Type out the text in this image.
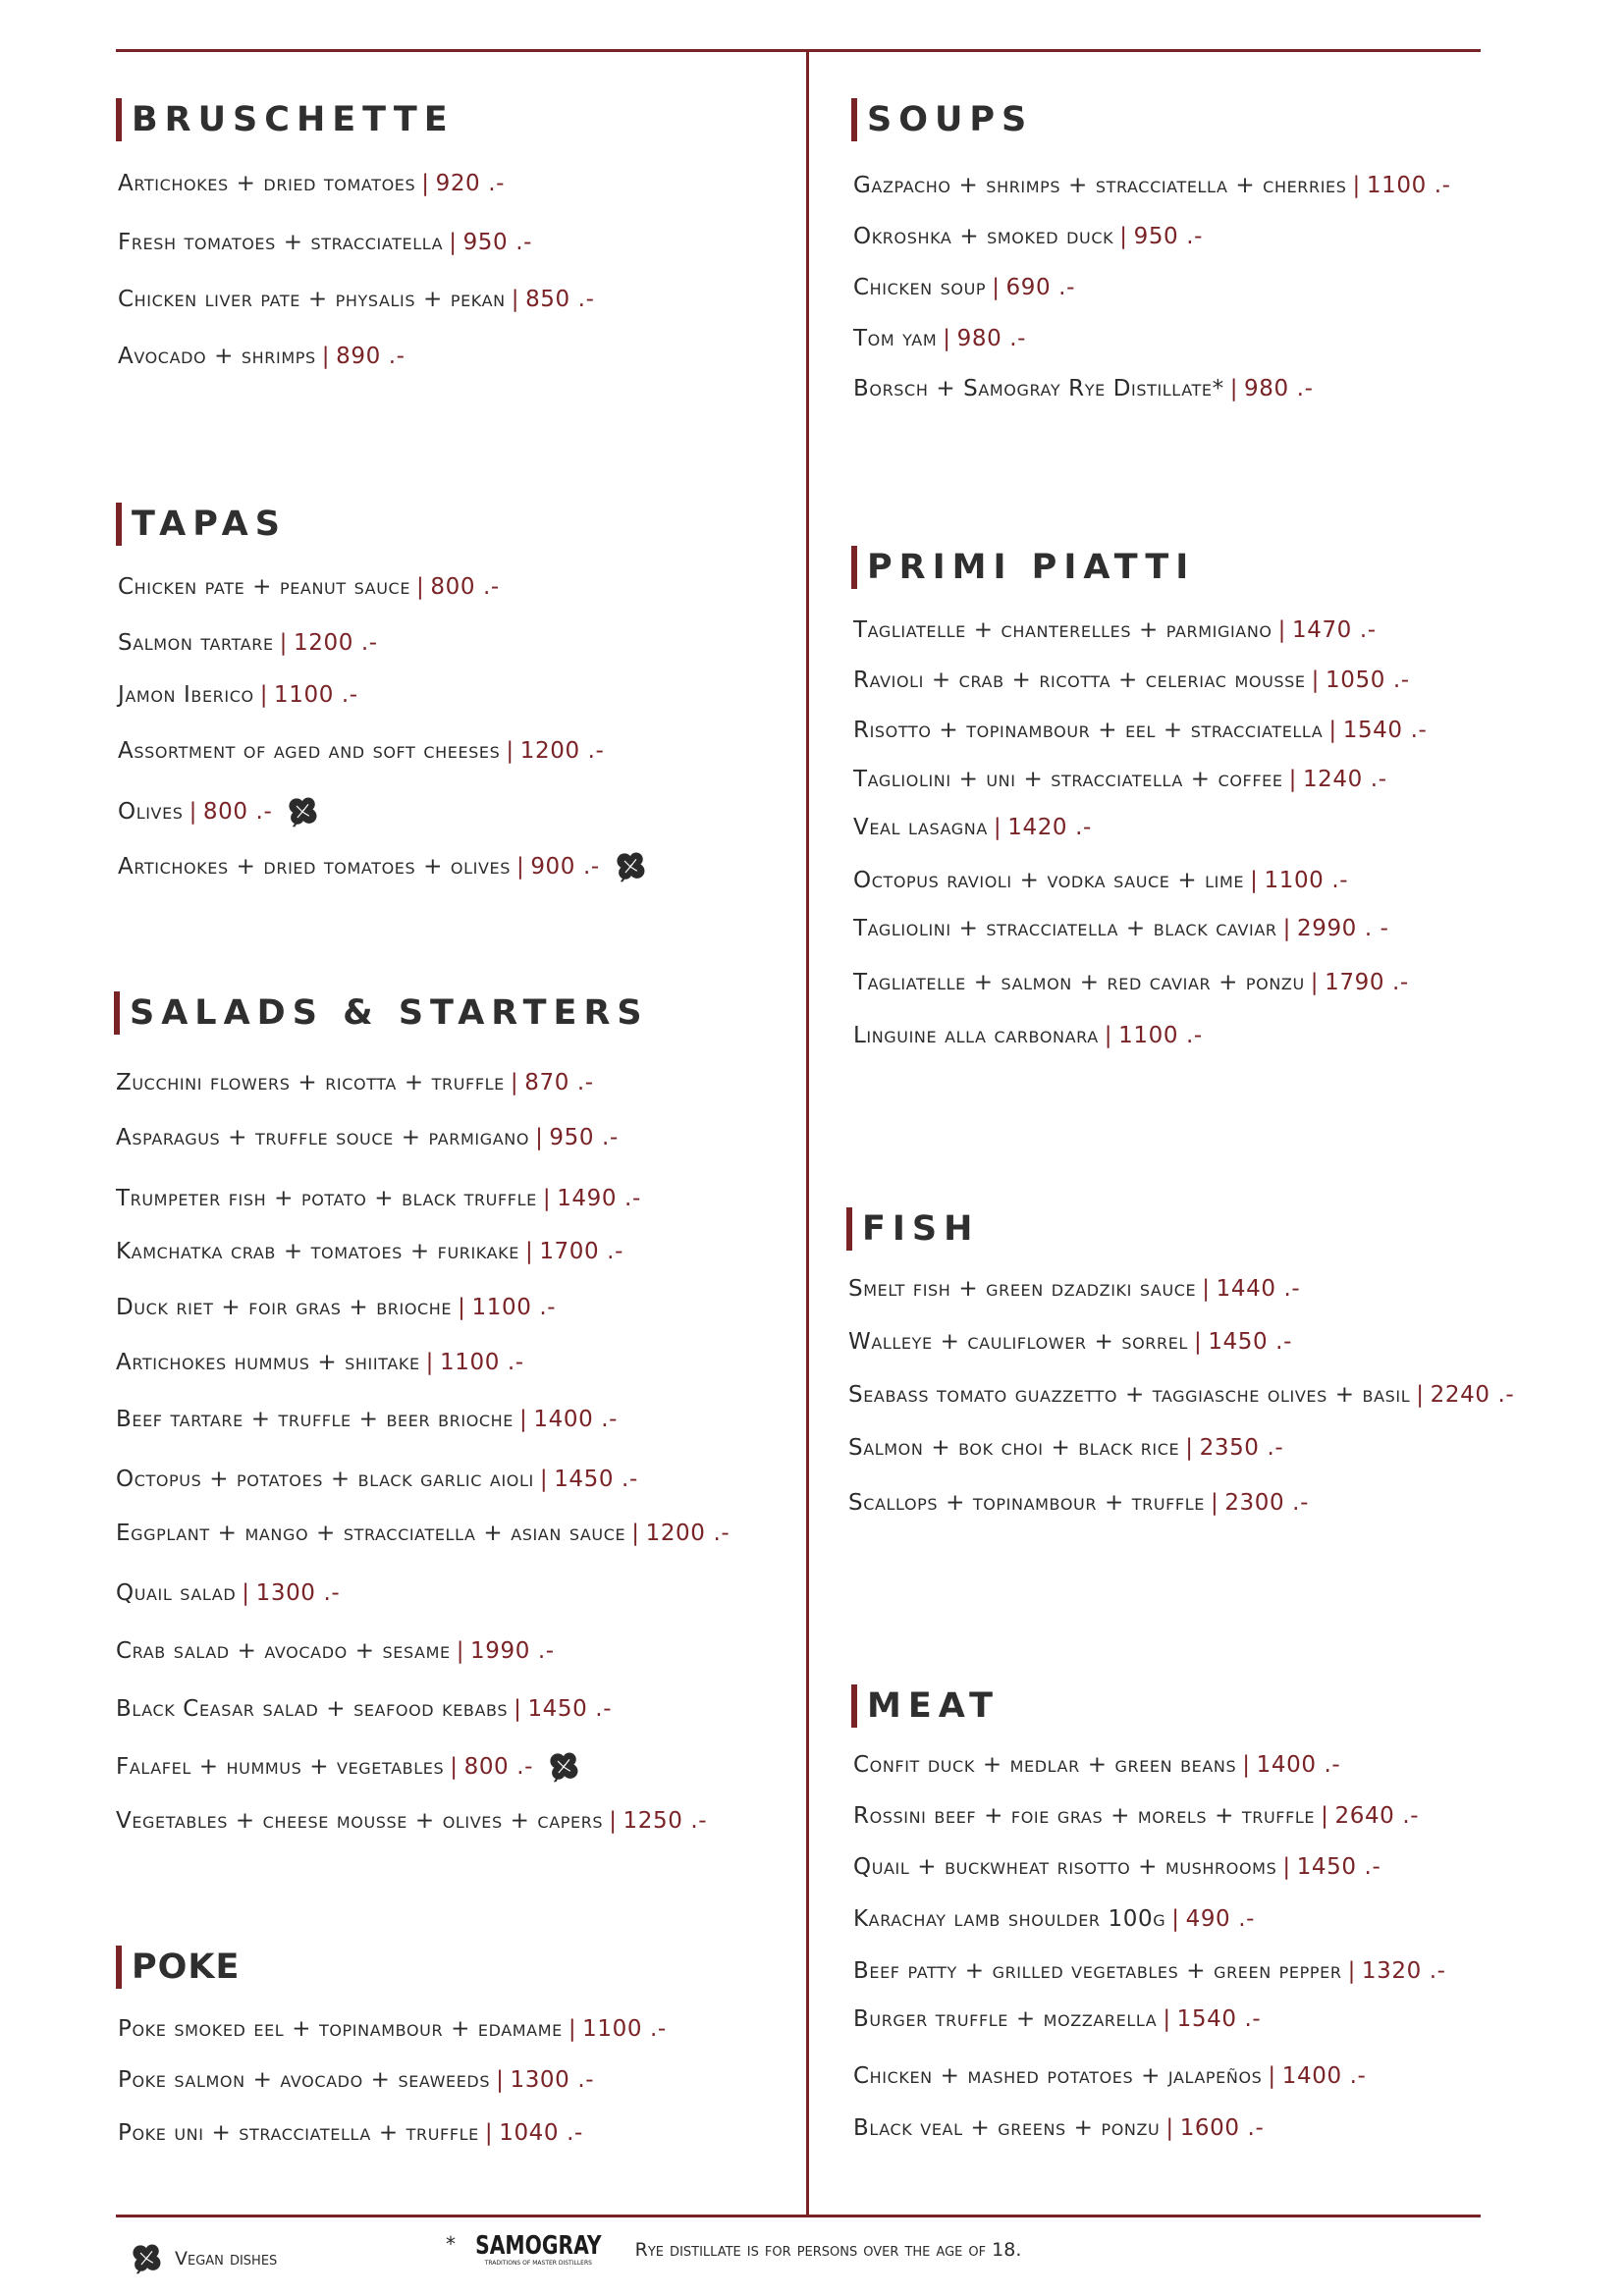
BRUSCHETTE
Artichokes + dried tomatoes | 920 .-
Fresh tomatoes + stracciatella | 950 .-
Chicken liver pate + physalis + pekan | 850 .-
Avocado + shrimps | 890 .-
TAPAS
Chicken pate + peanut sauce | 800 .-
Salmon tartare | 1200 .-
Jamon Iberico | 1100 .-
Assortment of aged and soft cheeses | 1200 .-
Olives | 800 .-
Artichokes + dried tomatoes + olives | 900 .-
SALADS & STARTERS
Zucchini flowers + ricotta + truffle | 870 .-
Asparagus + truffle souce + parmigano | 950 .-
Trumpeter fish + potato + black truffle | 1490 .-
Kamchatka crab + tomatoes + furikake | 1700 .-
Duck riet + foir gras + brioche | 1100 .-
Artichokes hummus + shiitake | 1100 .-
Beef tartare + truffle + beer brioche | 1400 .-
Octopus + potatoes + black garlic aioli | 1450 .-
Eggplant + mango + stracciatella + asian sauce | 1200 .-
Quail salad | 1300 .-
Crab salad + avocado + sesame | 1990 .-
Black Ceasar salad + seafood kebabs | 1450 .-
Falafel + hummus + vegetables | 800 .-
Vegetables + cheese mousse + olives + capers | 1250 .-
POKE
Poke smoked eel + topinambour + edamame | 1100 .-
Poke salmon + avocado + seaweeds | 1300 .-
Poke uni + stracciatella + truffle | 1040 .-
SOUPS
Gazpacho + shrimps + stracciatella + cherries | 1100 .-
Okroshka + smoked duck | 950 .-
Chicken soup | 690 .-
Tom yam | 980 .-
Borsch + Samogray Rye Distillate* | 980 .-
PRIMI PIATTI
Tagliatelle + chanterelles + parmigiano | 1470 .-
Ravioli + crab + ricotta + celeriac mousse | 1050 .-
Risotto + topinambour + eel + stracciatella | 1540 .-
Tagliolini + uni + stracciatella + coffee | 1240 .-
Veal lasagna | 1420 .-
Octopus ravioli + vodka sauce + lime | 1100 .-
Tagliolini + stracciatella + black caviar | 2990 . -
Tagliatelle + salmon + red caviar + ponzu | 1790 .-
Linguine alla carbonara | 1100 .-
FISH
Smelt fish + green dzadziki sauce | 1440 .-
Walleye + cauliflower + sorrel | 1450 .-
Seabass tomato guazzetto + taggiasche olives + basil | 2240 .-
Salmon + bok choi + black rice | 2350 .-
Scallops + topinambour + truffle | 2300 .-
MEAT
Confit duck + medlar + green beans | 1400 .-
Rossini beef + foie gras + morels + truffle | 2640 .-
Quail + buckwheat risotto + mushrooms | 1450 .-
Karachay lamb shoulder 100g | 490 .-
Beef patty + grilled vegetables + green pepper | 1320 .-
Burger truffle + mozzarella | 1540 .-
Chicken + mashed potatoes + jalapeños | 1400 .-
Black veal + greens + ponzu | 1600 .-
Vegan dishes
* SAMOGRAY
TRADITIONS OF MASTER DISTILLERS
Rye distillate is for persons over the age of 18.
